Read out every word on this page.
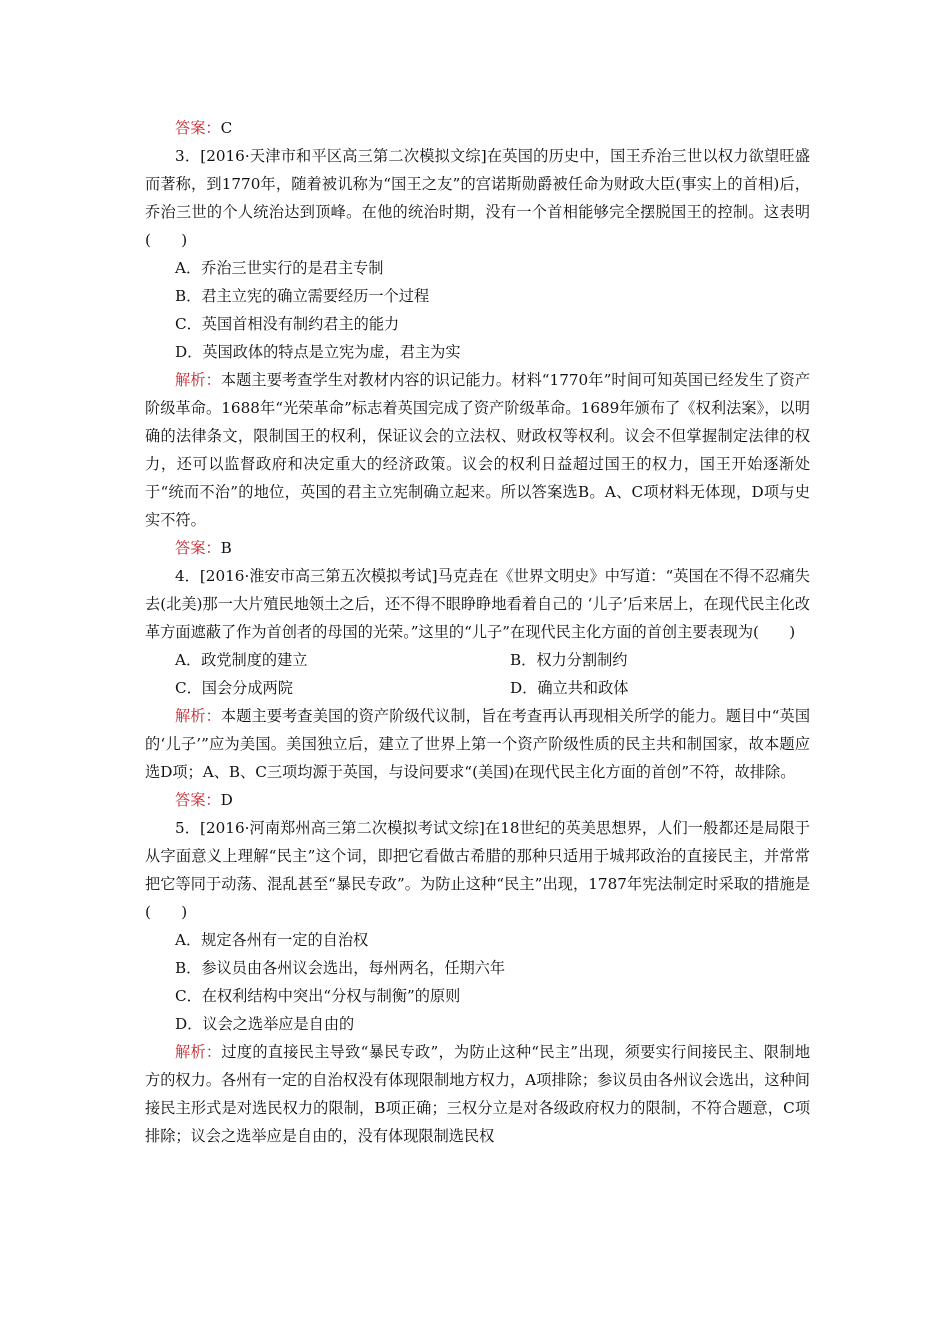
答案：C

3．[2016·天津市和平区高三第二次模拟文综]在英国的历史中，国王乔治三世以权力欲望旺盛而著称，到1770年，随着被讥称为“国王之友”的宫诺斯勋爵被任命为财政大臣(事实上的首相)后，乔治三世的个人统治达到顶峰。在他的统治时期，没有一个首相能够完全摆脱国王的控制。这表明(　　)

A．乔治三世实行的是君主专制

B．君主立宪的确立需要经历一个过程

C．英国首相没有制约君主的能力

D．英国政体的特点是立宪为虚，君主为实

解析：本题主要考查学生对教材内容的识记能力。材料“1770年”时间可知英国已经发生了资产阶级革命。1688年“光荣革命”标志着英国完成了资产阶级革命。1689年颁布了《权利法案》，以明确的法律条文，限制国王的权利，保证议会的立法权、财政权等权利。议会不但掌握制定法律的权力，还可以监督政府和决定重大的经济政策。议会的权利日益超过国王的权力，国王开始逐渐处于“统而不治”的地位，英国的君主立宪制确立起来。所以答案选B。A、C项材料无体现，D项与史实不符。

答案：B

4．[2016·淮安市高三第五次模拟考试]马克垚在《世界文明史》中写道：“英国在不得不忍痛失去(北美)那一大片殖民地领土之后，还不得不眼睁睁地看着自己的 ‘儿子’后来居上，在现代民主化改革方面遮蔽了作为首创者的母国的光荣。”这里的“儿子”在现代民主化方面的首创主要表现为(　　)

A．政党制度的建立	B．权力分割制约
C．国会分成两院	D．确立共和政体

解析：本题主要考查美国的资产阶级代议制，旨在考查再认再现相关所学的能力。题目中“英国的‘儿子’”应为美国。美国独立后，建立了世界上第一个资产阶级性质的民主共和制国家，故本题应选D项；A、B、C三项均源于英国，与设问要求“(美国)在现代民主化方面的首创”不符，故排除。

答案：D

5．[2016·河南郑州高三第二次模拟考试文综]在18世纪的英美思想界，人们一般都还是局限于从字面意义上理解“民主”这个词，即把它看做古希腊的那种只适用于城邦政治的直接民主，并常常把它等同于动荡、混乱甚至“暴民专政”。为防止这种“民主”出现，1787年宪法制定时采取的措施是(　　)

A．规定各州有一定的自治权

B．参议员由各州议会选出，每州两名，任期六年

C．在权利结构中突出“分权与制衡”的原则

D．议会之选举应是自由的

解析：过度的直接民主导致“暴民专政”，为防止这种“民主”出现，须要实行间接民主、限制地方的权力。各州有一定的自治权没有体现限制地方权力，A项排除；参议员由各州议会选出，这种间接民主形式是对选民权力的限制，B项正确；三权分立是对各级政府权力的限制，不符合题意，C项排除；议会之选举应是自由的，没有体现限制选民权
